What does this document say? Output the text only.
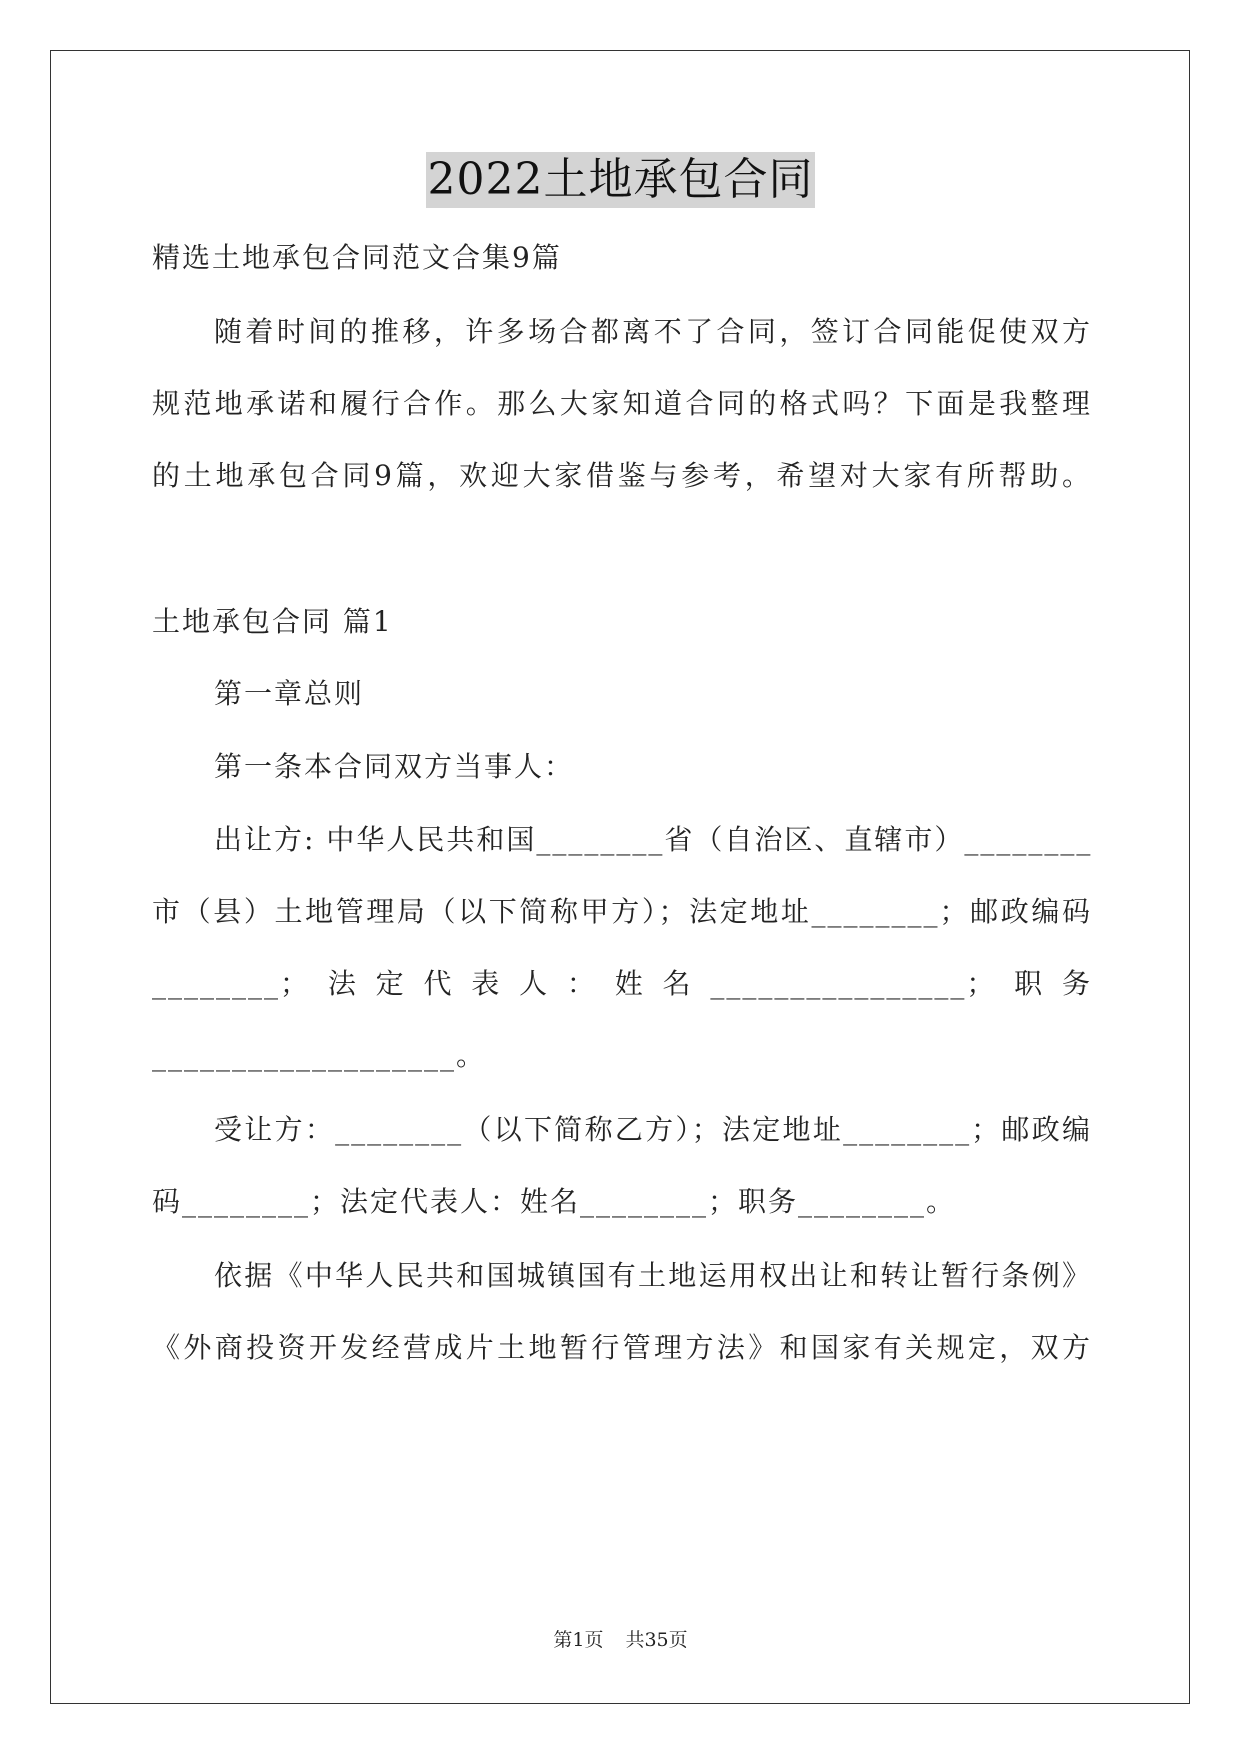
2022土地承包合同
精选土地承包合同范文合集9篇
随着时间的推移，许多场合都离不了合同，签订合同能促使双方
规范地承诺和履行合作。那么大家知道合同的格式吗？下面是我整理
的土地承包合同9篇，欢迎大家借鉴与参考，希望对大家有所帮助。
土地承包合同 篇1
第一章总则
第一条本合同双方当事人：
出让方: 中华人民共和国________省（自治区、直辖市）________
市（县）土地管理局（以下简称甲方）；法定地址________；邮政编码
________；法定代表人：姓名________________；职务
___________________。
受让方：________（以下简称乙方）；法定地址________；邮政编
码________；法定代表人：姓名________；职务________。
依据《中华人民共和国城镇国有土地运用权出让和转让暂行条例》
《外商投资开发经营成片土地暂行管理方法》和国家有关规定，双方
第1页 共35页
